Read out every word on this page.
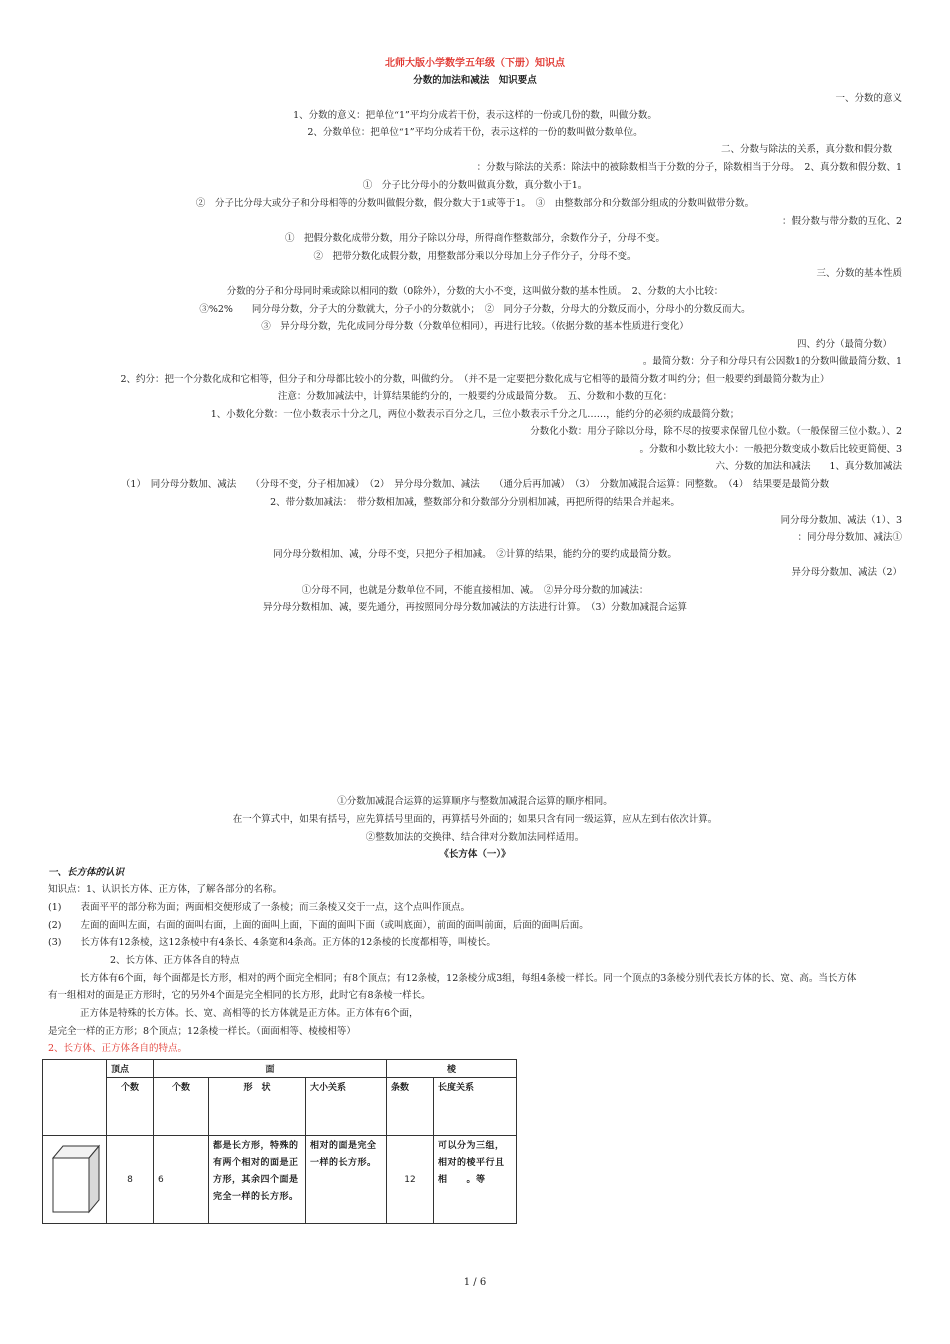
北师大版小学数学五年级（下册）知识点
分数的加法和减法　知识要点
一、分数的意义
1、分数的意义：把单位“1”平均分成若干份，表示这样的一份或几份的数，叫做分数。
2、分数单位：把单位“1”平均分成若干份，表示这样的一份的数叫做分数单位。
二、分数与除法的关系，真分数和假分数
：分数与除法的关系：除法中的被除数相当于分数的分子，除数相当于分母。　2、真分数和假分数、1
①　分子比分母小的分数叫做真分数，真分数小于1。
②　分子比分母大或分子和分母相等的分数叫做假分数，假分数大于1或等于1。　③　由整数部分和分数部分组成的分数叫做带分数。
：假分数与带分数的互化、2
①　把假分数化成带分数，用分子除以分母，所得商作整数部分，余数作分子，分母不变。
②　把带分数化成假分数，用整数部分乘以分母加上分子作分子，分母不变。
三、分数的基本性质
分数的分子和分母同时乘或除以相同的数（0除外），分数的大小不变，这叫做分数的基本性质。　2、分数的大小比较：
③%2%　　同分母分数，分子大的分数就大，分子小的分数就小；　②　同分子分数，分母大的分数反而小，分母小的分数反而大。
③　异分母分数，先化成同分母分数（分数单位相同），再进行比较。（依据分数的基本性质进行变化）
四、约分（最简分数）
。最简分数：分子和分母只有公因数1的分数叫做最简分数、1
2、约分：把一个分数化成和它相等，但分子和分母都比较小的分数，叫做约分。　（并不是一定要把分数化成与它相等的最简分数才叫约分；但一般要约到最简分数为止）
注意：分数加减法中，计算结果能约分的，一般要约分成最简分数。　五、分数和小数的互化：
1、小数化分数：一位小数表示十分之几，两位小数表示百分之几，三位小数表示千分之几……，能约分的必须约成最简分数；
分数化小数：用分子除以分母，除不尽的按要求保留几位小数。（一般保留三位小数。）、2
。分数和小数比较大小：一般把分数变成小数后比较更简便、3
六、分数的加法和减法　　1、真分数加减法
（1）　同分母分数加、减法　　（分母不变，分子相加减）　（2）　异分母分数加、减法　　（通分后再加减）　（3）　分数加减混合运算：同整数。　（4）　结果要是最简分数
2、带分数加减法：　带分数相加减，整数部分和分数部分分别相加减，再把所得的结果合并起来。
同分母分数加、减法（1）、3
：同分母分数加、减法①
同分母分数相加、减，分母不变，只把分子相加减。　②计算的结果，能约分的要约成最简分数。
异分母分数加、减法（2）
①分母不同，也就是分数单位不同，不能直接相加、减。　②异分母分数的加减法：
异分母分数相加、减，要先通分，再按照同分母分数加减法的方法进行计算。　（3）分数加减混合运算
①分数加减混合运算的运算顺序与整数加减混合运算的顺序相同。
在一个算式中，如果有括号，应先算括号里面的，再算括号外面的；如果只含有同一级运算，应从左到右依次计算。
②整数加法的交换律、结合律对分数加法同样适用。
《长方体（一）》
一、长方体的认识
知识点：1、认识长方体、正方体，了解各部分的名称。
(1)　　表面平平的部分称为面；两面相交便形成了一条棱；而三条棱又交于一点，这个点叫作顶点。
(2)　　左面的面叫左面，右面的面叫右面，上面的面叫上面，下面的面叫下面（或叫底面），前面的面叫前面，后面的面叫后面。
(3)　　长方体有12条棱，这12条棱中有4条长、4条宽和4条高。正方体的12条棱的长度都相等，叫棱长。
2、长方体、正方体各自的特点
长方体有6个面，每个面都是长方形，相对的两个面完全相同；有8个顶点；有12条棱，12条棱分成3组，每组4条棱一样长。同一个顶点的3条棱分别代表长方体的长、宽、高。当长方体
有一组相对的面是正方形时，它的另外4个面是完全相同的长方形，此时它有8条棱一样长。
正方体是特殊的长方体。长、宽、高相等的长方体就是正方体。正方体有6个面，
是完全一样的正方形；8个顶点；12条棱一样长。（面面相等、棱棱相等）
2、长方体、正方体各自的特点。
	顶点	面			棱	
	个数	个数	形　状	大小关系	条数	长度关系
	8	6	都是长方形，特殊的有两个相对的面是正方形，其余四个面是完全一样的长方形。	相对的面是完全一样的长方形。	12	可以分为三组，相对的棱平行且相　　。等
1 / 6
